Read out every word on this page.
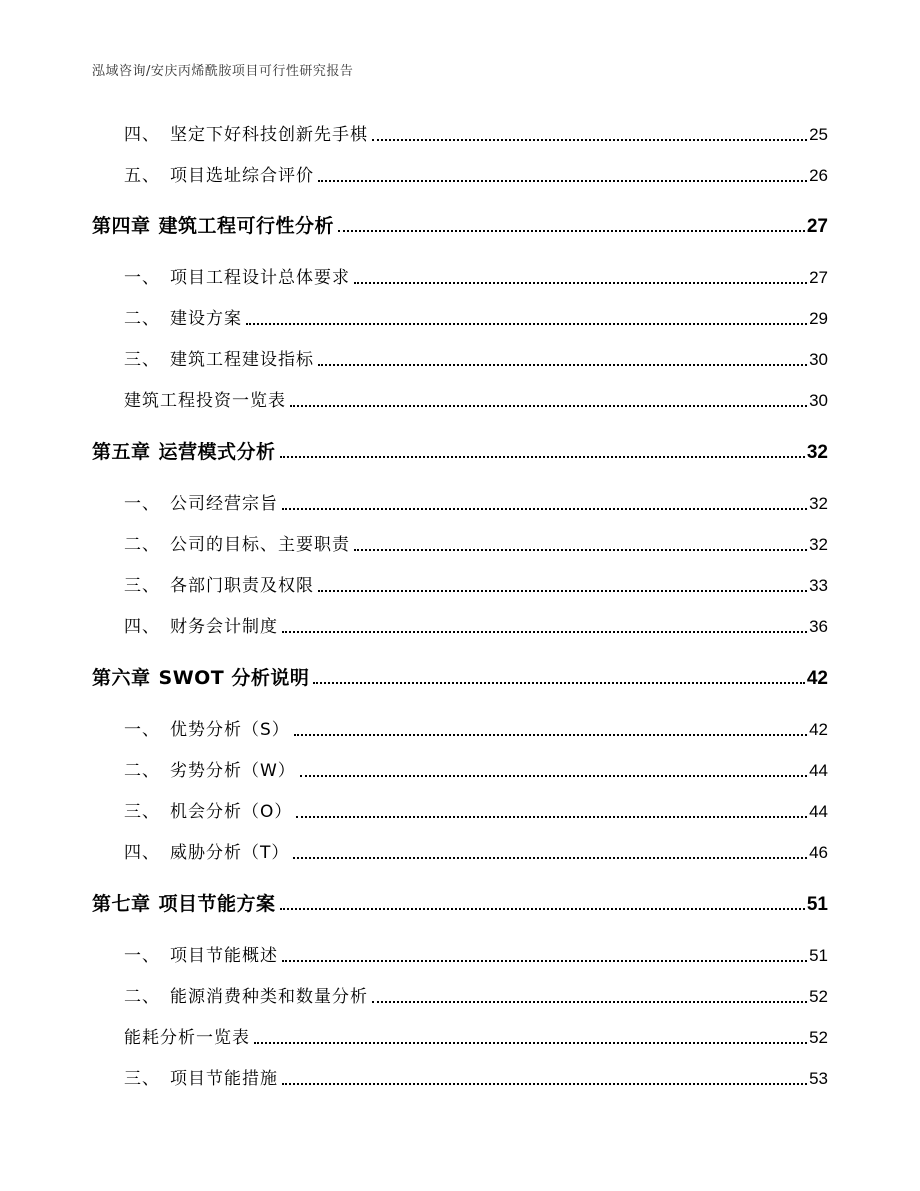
泓域咨询/安庆丙烯酰胺项目可行性研究报告
四、 坚定下好科技创新先手棋	25
五、 项目选址综合评价	26
第四章 建筑工程可行性分析	27
一、 项目工程设计总体要求	27
二、 建设方案	29
三、 建筑工程建设指标	30
建筑工程投资一览表	30
第五章 运营模式分析	32
一、 公司经营宗旨	32
二、 公司的目标、主要职责	32
三、 各部门职责及权限	33
四、 财务会计制度	36
第六章 SWOT 分析说明	42
一、 优势分析（S）	42
二、 劣势分析（W）	44
三、 机会分析（O）	44
四、 威胁分析（T）	46
第七章 项目节能方案	51
一、 项目节能概述	51
二、 能源消费种类和数量分析	52
能耗分析一览表	52
三、 项目节能措施	53
